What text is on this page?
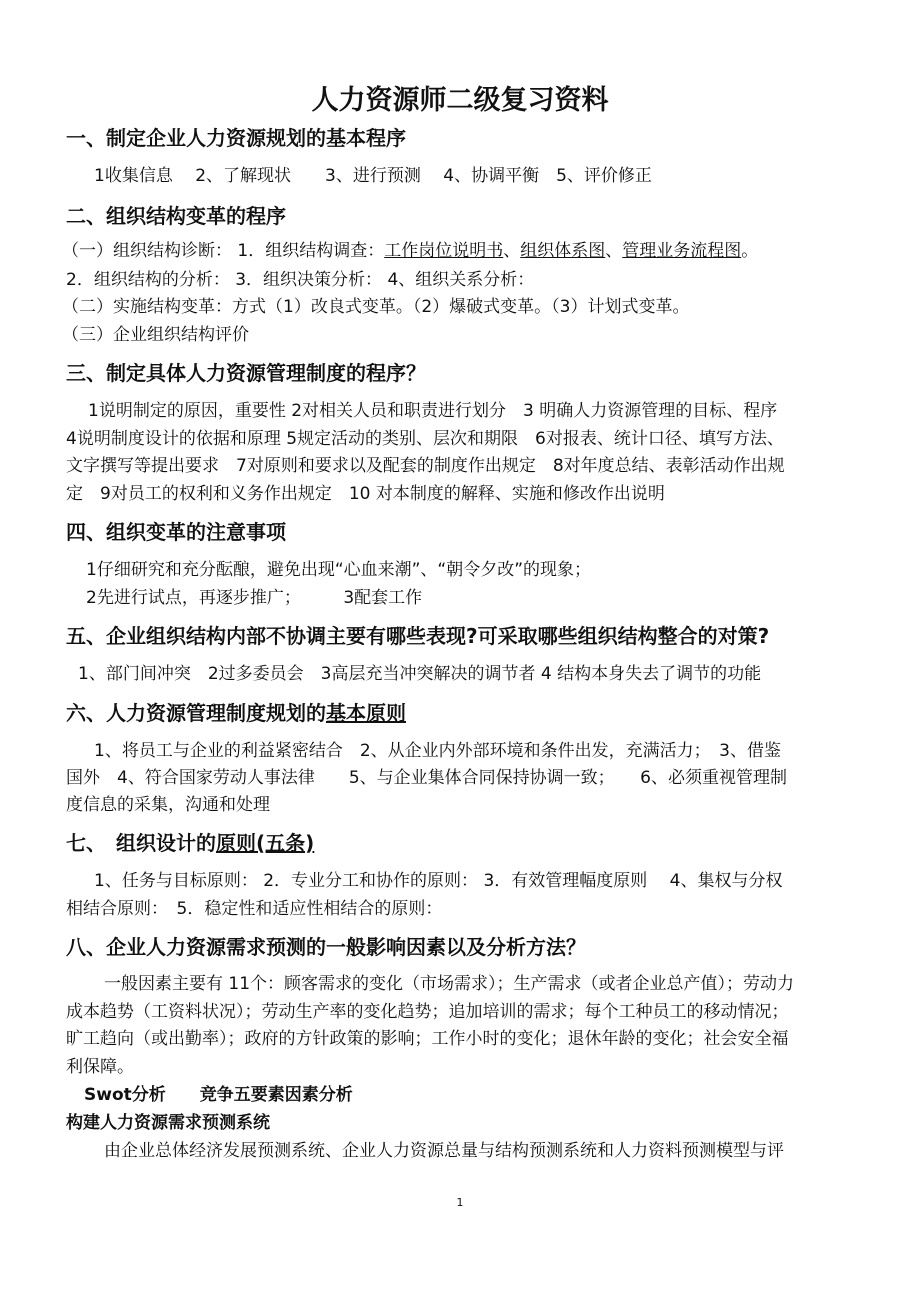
人力资源师二级复习资料
一、制定企业人力资源规划的基本程序
1收集信息　 2、了解现状　　3、进行预测　 4、协调平衡　5、评价修正
二、组织结构变革的程序
（一）组织结构诊断： 1．组织结构调查：工作岗位说明书、组织体系图、管理业务流程图。
2．组织结构的分析： 3．组织决策分析： 4、组织关系分析：
（二）实施结构变革：方式（1）改良式变革。（2）爆破式变革。（3）计划式变革。
（三）企业组织结构评价
三、制定具体人力资源管理制度的程序？
1说明制定的原因，重要性 2对相关人员和职责进行划分　3 明确人力资源管理的目标、程序
4说明制度设计的依据和原理 5规定活动的类别、层次和期限　6对报表、统计口径、填写方法、
文字撰写等提出要求　7对原则和要求以及配套的制度作出规定　8对年度总结、表彰活动作出规
定　9对员工的权利和义务作出规定　10 对本制度的解释、实施和修改作出说明
四、组织变革的注意事项
1仔细研究和充分酝酿，避免出现“心血来潮”、“朝令夕改”的现象；
2先进行试点，再逐步推广；　　　3配套工作
五、企业组织结构内部不协调主要有哪些表现?可采取哪些组织结构整合的对策?
1、部门间冲突　2过多委员会　3高层充当冲突解决的调节者 4 结构本身失去了调节的功能
六、人力资源管理制度规划的基本原则
1、将员工与企业的利益紧密结合　2、从企业内外部环境和条件出发，充满活力；　3、借鉴
国外　4、符合国家劳动人事法律　　5、与企业集体合同保持协调一致；　　6、必须重视管理制
度信息的采集，沟通和处理
七、　组织设计的原则(五条)
1、任务与目标原则： 2．专业分工和协作的原则： 3．有效管理幅度原则　 4、集权与分权
相结合原则：　5．稳定性和适应性相结合的原则：
八、企业人力资源需求预测的一般影响因素以及分析方法？
一般因素主要有 11个：顾客需求的变化（市场需求）；生产需求（或者企业总产值）；劳动力
成本趋势（工资料状况）；劳动生产率的变化趋势；追加培训的需求；每个工种员工的移动情况；
旷工趋向（或出勤率）；政府的方针政策的影响；工作小时的变化；退休年龄的变化；社会安全福
利保障。
Swot分析　　竞争五要素因素分析
构建人力资源需求预测系统
由企业总体经济发展预测系统、企业人力资源总量与结构预测系统和人力资料预测模型与评
1
